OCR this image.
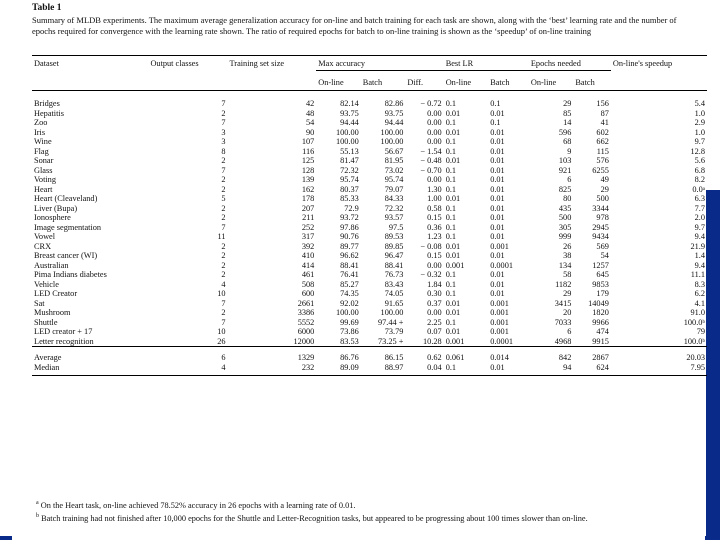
Table 1
Summary of MLDB experiments. The maximum average generalization accuracy for on-line and batch training for each task are shown, along with the ‘best’ learning rate and the number of epochs required for convergence with the learning rate shown. The ratio of required epochs for batch to on-line training is shown as the ‘speedup’ of on-line training
Dataset	Output classes	Training set size	Max accuracy			Best LR		Epochs needed		On-line's speedup
			On-line	Batch	Diff.	On-line	Batch	On-line	Batch	
Bridges	7	42	82.14	82.86	− 0.72	0.1	0.1	29	156	5.4
Hepatitis	2	48	93.75	93.75	0.00	0.01	0.01	85	87	1.0
Zoo	7	54	94.44	94.44	0.00	0.1	0.1	14	41	2.9
Iris	3	90	100.00	100.00	0.00	0.01	0.01	596	602	1.0
Wine	3	107	100.00	100.00	0.00	0.1	0.01	68	662	9.7
Flag	8	116	55.13	56.67	− 1.54	0.1	0.01	9	115	12.8
Sonar	2	125	81.47	81.95	− 0.48	0.01	0.01	103	576	5.6
Glass	7	128	72.32	73.02	− 0.70	0.1	0.01	921	6255	6.8
Voting	2	139	95.74	95.74	0.00	0.1	0.01	6	49	8.2
Heart	2	162	80.37	79.07	1.30	0.1	0.01	825	29	0.0ᵃ
Heart (Cleaveland)	5	178	85.33	84.33	1.00	0.01	0.01	80	500	6.3
Liver (Bupa)	2	207	72.9	72.32	0.58	0.1	0.01	435	3344	7.7
Ionosphere	2	211	93.72	93.57	0.15	0.1	0.01	500	978	2.0
Image segmentation	7	252	97.86	97.5	0.36	0.1	0.01	305	2945	9.7
Vowel	11	317	90.76	89.53	1.23	0.1	0.01	999	9434	9.4
CRX	2	392	89.77	89.85	− 0.08	0.01	0.001	26	569	21.9
Breast cancer (WI)	2	410	96.62	96.47	0.15	0.01	0.01	38	54	1.4
Australian	2	414	88.41	88.41	0.00	0.001	0.0001	134	1257	9.4
Pima Indians diabetes	2	461	76.41	76.73	− 0.32	0.1	0.01	58	645	11.1
Vehicle	4	508	85.27	83.43	1.84	0.1	0.01	1182	9853	8.3
LED Creator	10	600	74.35	74.05	0.30	0.1	0.01	29	179	6.2
Sat	7	2661	92.02	91.65	0.37	0.01	0.001	3415	14049	4.1
Mushroom	2	3386	100.00	100.00	0.00	0.01	0.001	20	1820	91.0
Shuttle	7	5552	99.69	97.44 +	2.25	0.1	0.001	7033	9966	100.0ᵇ
LED creator + 17	10	6000	73.86	73.79	0.07	0.01	0.001	6	474	79
Letter recognition	26	12000	83.53	73.25 +	10.28	0.001	0.0001	4968	9915	100.0ᵇ
Average	6	1329	86.76	86.15	0.62	0.061	0.014	842	2867	20.03
Median	4	232	89.09	88.97	0.04	0.1	0.01	94	624	7.95
$^a$ On the Heart task, on-line achieved 78.52% accuracy in 26 epochs with a learning rate of 0.01.
$^b$ Batch training had not finished after 10,000 epochs for the Shuttle and Letter-Recognition tasks, but appeared to be progressing about 100 times slower than on-line.
